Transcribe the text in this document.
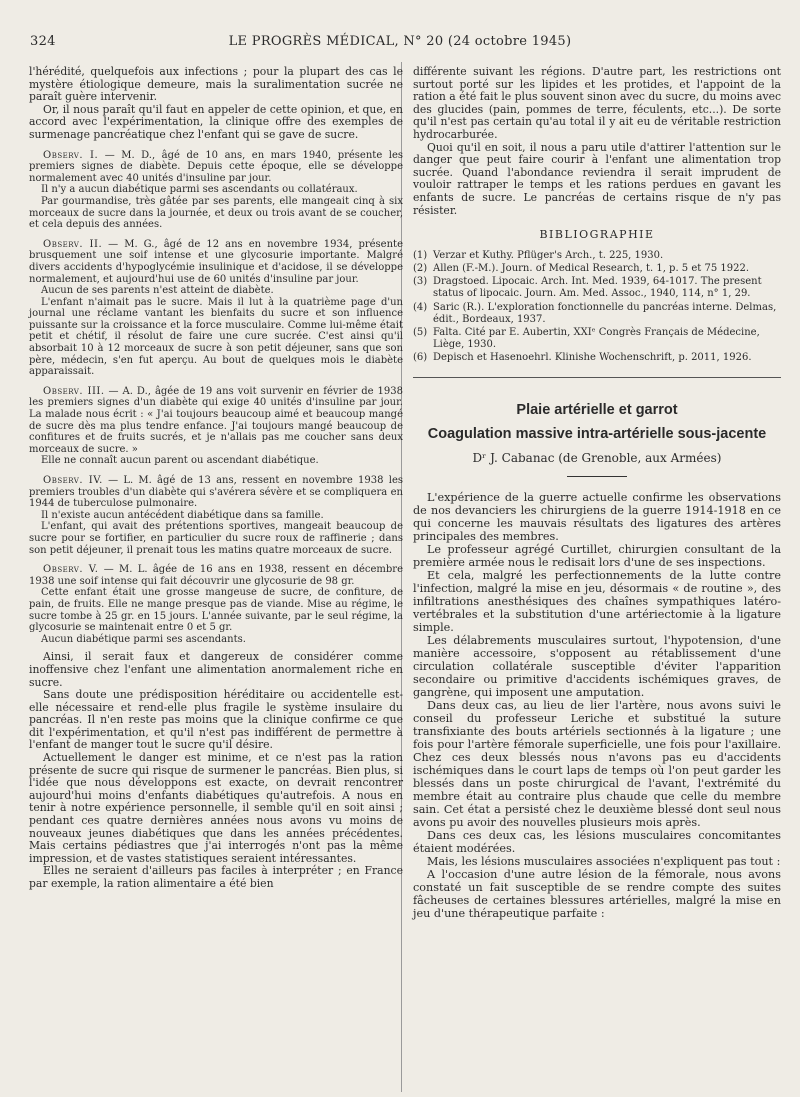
324	LE PROGRÈS MÉDICAL, N° 20 (24 octobre 1945)

l'hérédité, quelquefois aux infections ; pour la plupart des cas le mystère étiologique demeure, mais la suralimentation sucrée ne paraît guère intervenir.

Or, il nous paraît qu'il faut en appeler de cette opinion, et que, en accord avec l'expérimentation, la clinique offre des exemples de surmenage pancréatique chez l'enfant qui se gave de sucre.

Observ. I. — M. D., âgé de 10 ans, en mars 1940, présente les premiers signes de diabète. Depuis cette époque, elle se développe normalement avec 40 unités d'insuline par jour.

Il n'y a aucun diabétique parmi ses ascendants ou collatéraux.

Par gourmandise, très gâtée par ses parents, elle mangeait cinq à six morceaux de sucre dans la journée, et deux ou trois avant de se coucher, et cela depuis des années.

Observ. II. — M. G., âgé de 12 ans en novembre 1934, présente brusquement une soif intense et une glycosurie importante. Malgré divers accidents d'hypoglycémie insulinique et d'acidose, il se développe normalement, et aujourd'hui use de 60 unités d'insuline par jour.

Aucun de ses parents n'est atteint de diabète.

L'enfant n'aimait pas le sucre. Mais il lut à la quatrième page d'un journal une réclame vantant les bienfaits du sucre et son influence puissante sur la croissance et la force musculaire. Comme lui-même était petit et chétif, il résolut de faire une cure sucrée. C'est ainsi qu'il absorbait 10 à 12 morceaux de sucre à son petit déjeuner, sans que son père, médecin, s'en fut aperçu. Au bout de quelques mois le diabète apparaissait.

Observ. III. — A. D., âgée de 19 ans voit survenir en février de 1938 les premiers signes d'un diabète qui exige 40 unités d'insuline par jour. La malade nous écrit : « J'ai toujours beaucoup aimé et beaucoup mangé de sucre dès ma plus tendre enfance. J'ai toujours mangé beaucoup de confitures et de fruits sucrés, et je n'allais pas me coucher sans deux morceaux de sucre. »

Elle ne connaît aucun parent ou ascendant diabétique.

Observ. IV. — L. M. âgé de 13 ans, ressent en novembre 1938 les premiers troubles d'un diabète qui s'avérera sévère et se compliquera en 1944 de tuberculose pulmonaire.

Il n'existe aucun antécédent diabétique dans sa famille.

L'enfant, qui avait des prétentions sportives, mangeait beaucoup de sucre pour se fortifier, en particulier du sucre roux de raffinerie ; dans son petit déjeuner, il prenait tous les matins quatre morceaux de sucre.

Observ. V. — M. L. âgée de 16 ans en 1938, ressent en décembre 1938 une soif intense qui fait découvrir une glycosurie de 98 gr.

Cette enfant était une grosse mangeuse de sucre, de confiture, de pain, de fruits. Elle ne mange presque pas de viande. Mise au régime, le sucre tombe à 25 gr. en 15 jours. L'année suivante, par le seul régime, la glycosurie se maintenait entre 0 et 5 gr.

Aucun diabétique parmi ses ascendants.

Ainsi, il serait faux et dangereux de considérer comme inoffensive chez l'enfant une alimentation anormalement riche en sucre.

Sans doute une prédisposition héréditaire ou accidentelle est-elle nécessaire et rend-elle plus fragile le système insulaire du pancréas. Il n'en reste pas moins que la clinique confirme ce que dit l'expérimentation, et qu'il n'est pas indifférent de permettre à l'enfant de manger tout le sucre qu'il désire.

Actuellement le danger est minime, et ce n'est pas la ration présente de sucre qui risque de surmener le pancréas. Bien plus, si l'idée que nous développons est exacte, on devrait rencontrer aujourd'hui moins d'enfants diabétiques qu'autrefois. A nous en tenir à notre expérience personnelle, il semble qu'il en soit ainsi ; pendant ces quatre dernières années nous avons vu moins de nouveaux jeunes diabétiques que dans les années précédentes. Mais certains pédiastres que j'ai interrogés n'ont pas la même impression, et de vastes statistiques seraient intéressantes.

Elles ne seraient d'ailleurs pas faciles à interpréter ; en France par exemple, la ration alimentaire a été bien

différente suivant les régions. D'autre part, les restrictions ont surtout porté sur les lipides et les protides, et l'appoint de la ration a été fait le plus souvent sinon avec du sucre, du moins avec des glucides (pain, pommes de terre, féculents, etc...). De sorte qu'il n'est pas certain qu'au total il y ait eu de véritable restriction hydrocarburée.

Quoi qu'il en soit, il nous a paru utile d'attirer l'attention sur le danger que peut faire courir à l'enfant une alimentation trop sucrée. Quand l'abondance reviendra il serait imprudent de vouloir rattraper le temps et les rations perdues en gavant les enfants de sucre. Le pancréas de certains risque de n'y pas résister.

BIBLIOGRAPHIE
(1) Verzar et Kuthy. Pflüger's Arch., t. 225, 1930.
(2) Allen (F.-M.). Journ. of Medical Research, t. 1, p. 5 et 75 1922.
(3) Dragstoed. Lipocaic. Arch. Int. Med. 1939, 64-1017. The present status of lipocaic. Journ. Am. Med. Assoc., 1940, 114, n° 1, 29.
(4) Saric (R.). L'exploration fonctionnelle du pancréas interne. Delmas, édit., Bordeaux, 1937.
(5) Falta. Cité par E. Aubertin, XXIᵉ Congrès Français de Médecine, Liège, 1930.
(6) Depisch et Hasenoehrl. Klinishe Wochenschrift, p. 2011, 1926.
Plaie artérielle et garrot
Coagulation massive intra-artérielle sous-jacente
Dʳ J. Cabanac (de Grenoble, aux Armées)

L'expérience de la guerre actuelle confirme les observations de nos devanciers les chirurgiens de la guerre 1914-1918 en ce qui concerne les mauvais résultats des ligatures des artères principales des membres.

Le professeur agrégé Curtillet, chirurgien consultant de la première armée nous le redisait lors d'une de ses inspections.

Et cela, malgré les perfectionnements de la lutte contre l'infection, malgré la mise en jeu, désormais « de routine », des infiltrations anesthésiques des chaînes sympathiques latéro-vertébrales et la substitution d'une artériectomie à la ligature simple.

Les délabrements musculaires surtout, l'hypotension, d'une manière accessoire, s'opposent au rétablissement d'une circulation collatérale susceptible d'éviter l'apparition secondaire ou primitive d'accidents ischémiques graves, de gangrène, qui imposent une amputation.

Dans deux cas, au lieu de lier l'artère, nous avons suivi le conseil du professeur Leriche et substitué la suture transfixiante des bouts artériels sectionnés à la ligature ; une fois pour l'artère fémorale superficielle, une fois pour l'axillaire. Chez ces deux blessés nous n'avons pas eu d'accidents ischémiques dans le court laps de temps où l'on peut garder les blessés dans un poste chirurgical de l'avant, l'extrémité du membre était au contraire plus chaude que celle du membre sain. Cet état a persisté chez le deuxième blessé dont seul nous avons pu avoir des nouvelles plusieurs mois après.

Dans ces deux cas, les lésions musculaires concomitantes étaient modérées.

Mais, les lésions musculaires associées n'expliquent pas tout :

A l'occasion d'une autre lésion de la fémorale, nous avons constaté un fait susceptible de se rendre compte des suites fâcheuses de certaines blessures artérielles, malgré la mise en jeu d'une thérapeutique parfaite :
